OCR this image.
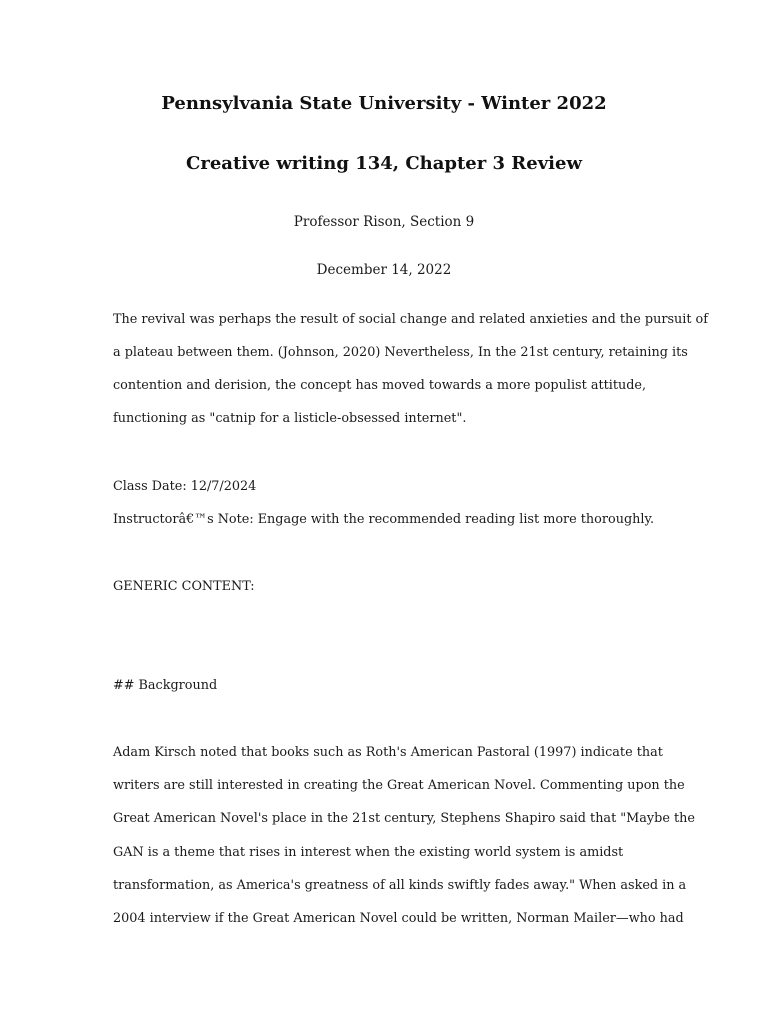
Pennsylvania State University - Winter 2022
Creative writing 134, Chapter 3 Review
Professor Rison, Section 9
December 14, 2022
The revival was perhaps the result of social change and related anxieties and the pursuit of
a plateau between them. (Johnson, 2020) Nevertheless, In the 21st century, retaining its
contention and derision, the concept has moved towards a more populist attitude,
functioning as "catnip for a listicle-obsessed internet".
Class Date: 12/7/2024
Instructorâ€™s Note: Engage with the recommended reading list more thoroughly.
GENERIC CONTENT:
## Background
Adam Kirsch noted that books such as Roth's American Pastoral (1997) indicate that
writers are still interested in creating the Great American Novel. Commenting upon the
Great American Novel's place in the 21st century, Stephens Shapiro said that "Maybe the
GAN is a theme that rises in interest when the existing world system is amidst
transformation, as America's greatness of all kinds swiftly fades away." When asked in a
2004 interview if the Great American Novel could be written, Norman Mailer—who had
